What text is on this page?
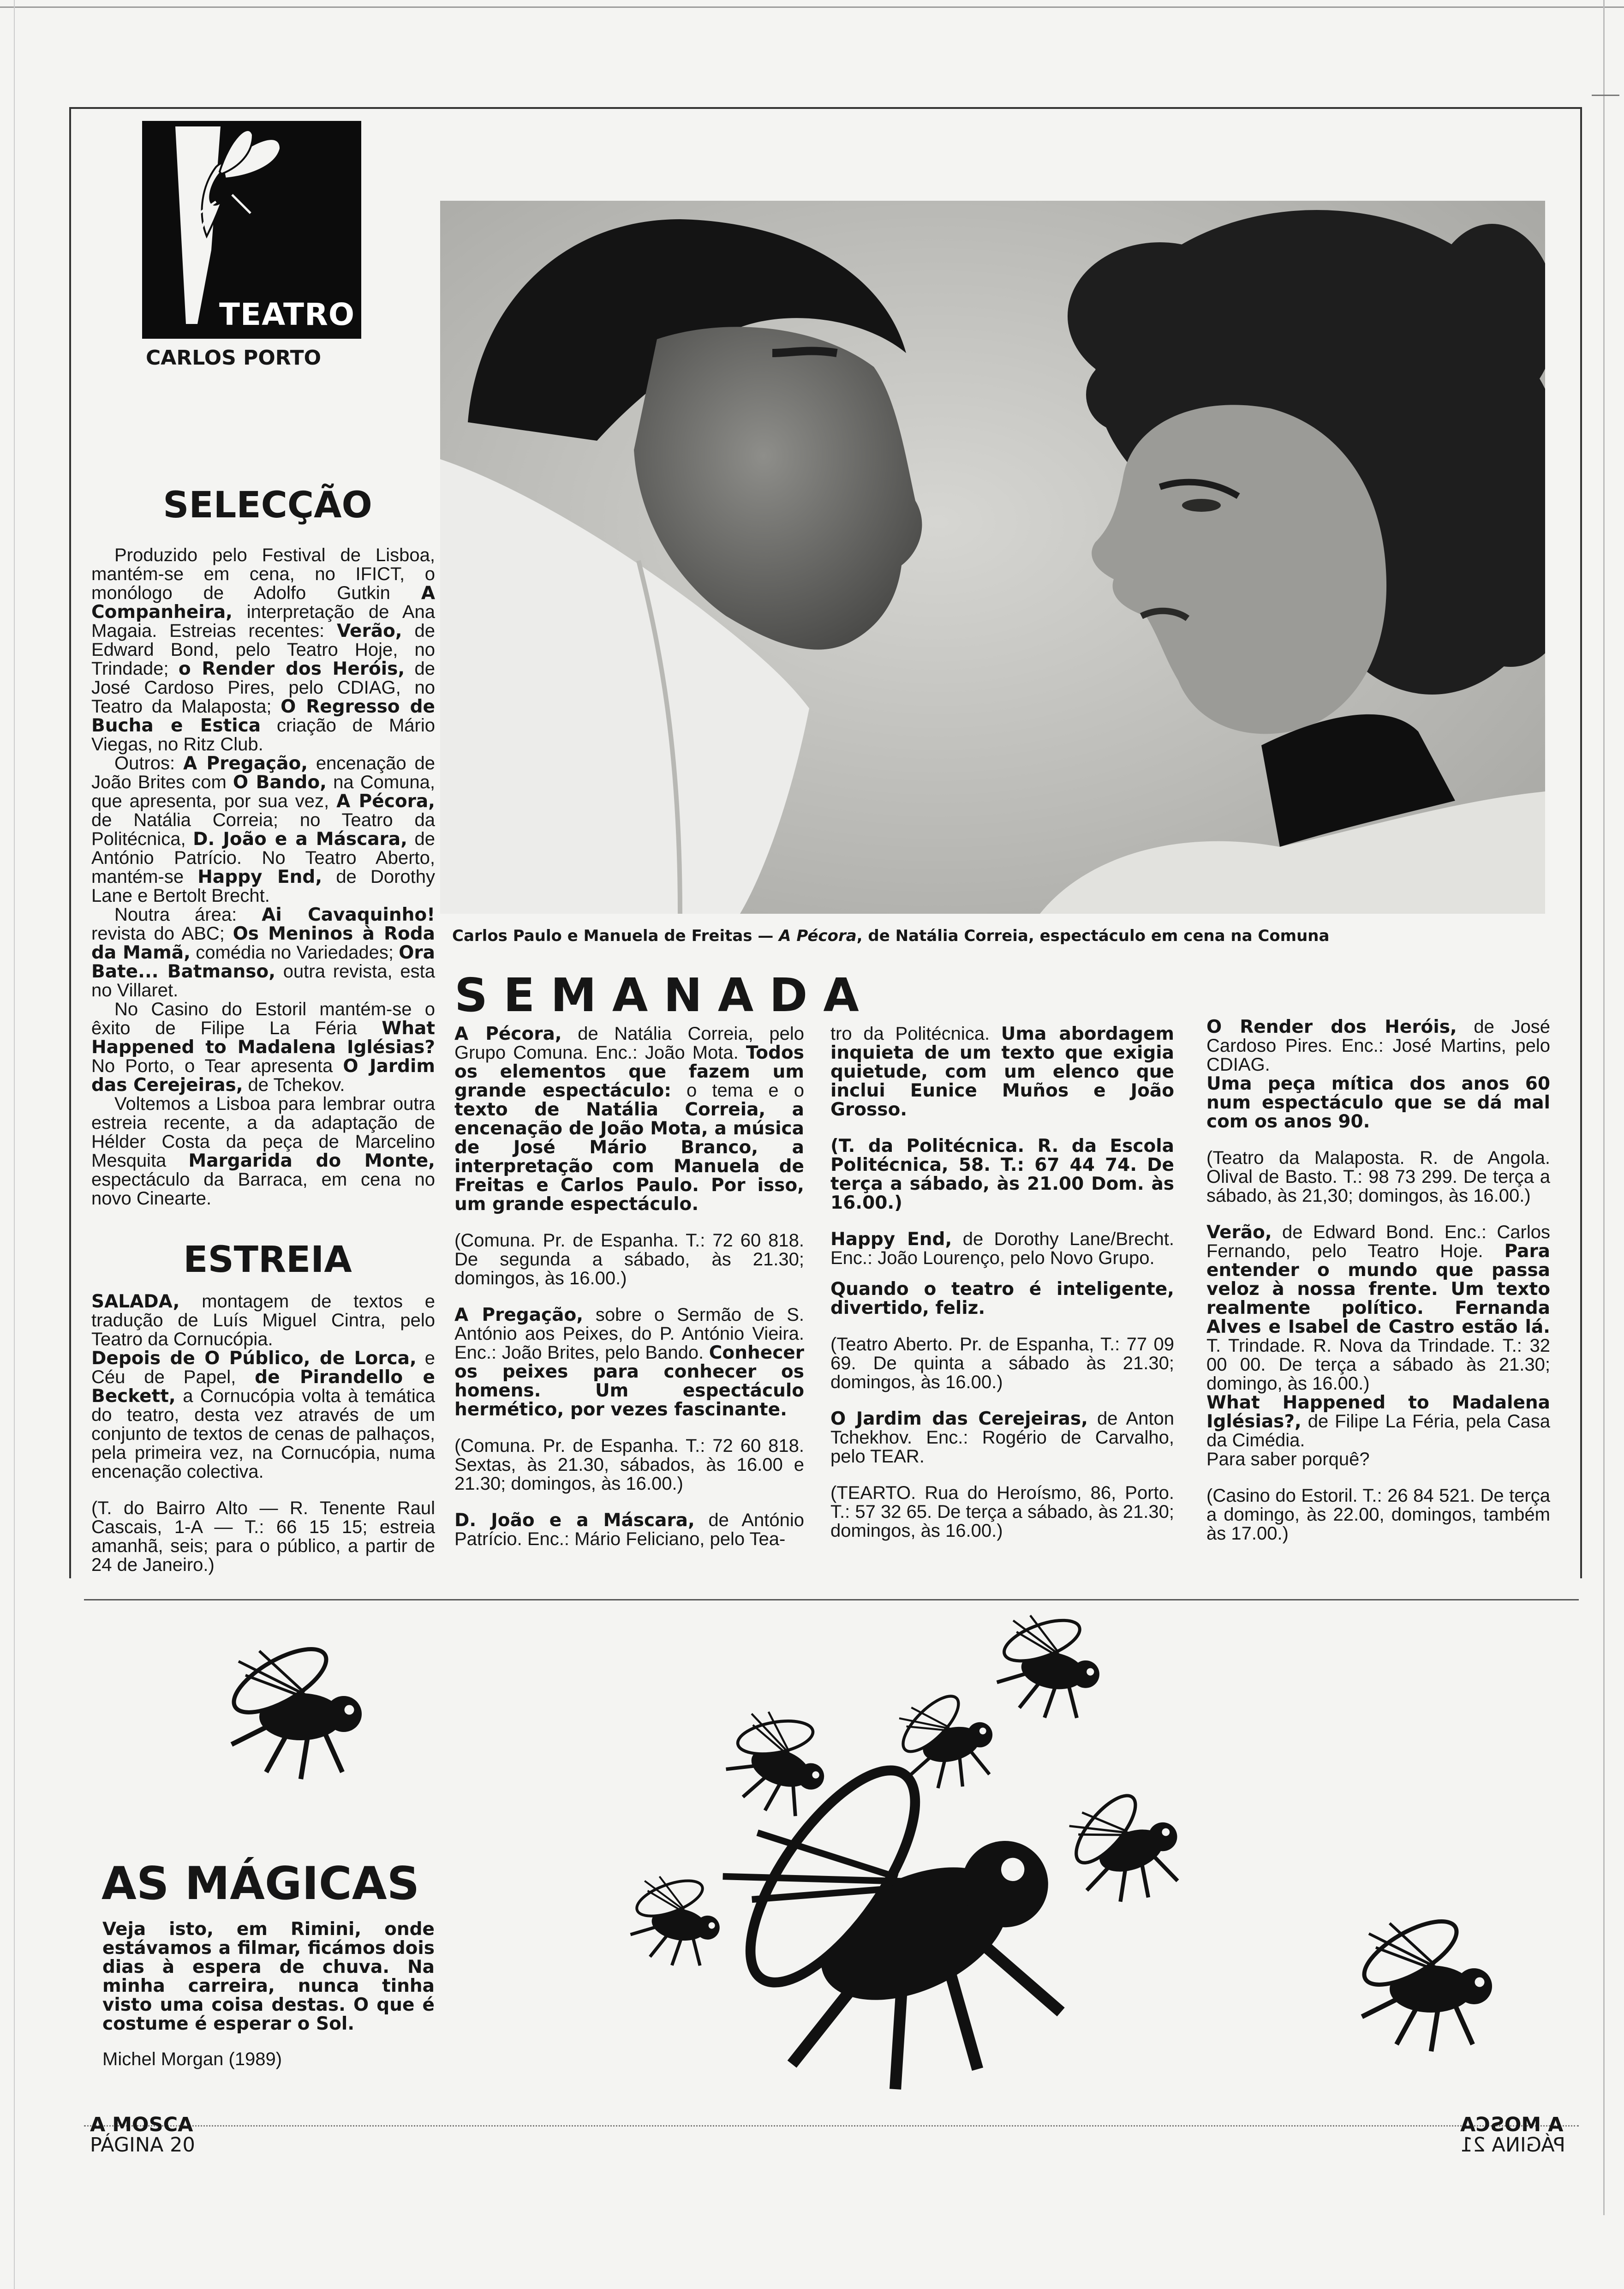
TEATRO
CARLOS PORTO
SELECÇÃO

Produzido pelo Festival de Lisboa, mantém-se em cena, no IFICT, o monólogo de Adolfo Gutkin A Companheira, interpretação de Ana Magaia. Estreias recentes: Verão, de Edward Bond, pelo Teatro Hoje, no Trindade; o Render dos Heróis, de José Cardoso Pires, pelo CDIAG, no Teatro da Malaposta; O Regresso de Bucha e Estica criação de Mário Viegas, no Ritz Club.

Outros: A Pregação, encenação de João Brites com O Bando, na Comuna, que apresenta, por sua vez, A Pécora, de Natália Correia; no Teatro da Politécnica, D. João e a Máscara, de António Patrício. No Teatro Aberto, mantém-se Happy End, de Dorothy Lane e Bertolt Brecht.

Noutra área: Ai Cavaquinho! revista do ABC; Os Meninos à Roda da Mamã, comédia no Variedades; Ora Bate... Batmanso, outra revista, esta no Villaret.

No Casino do Estoril mantém-se o êxito de Filipe La Féria What Happened to Madalena Iglésias? No Porto, o Tear apresenta O Jardim das Cerejeiras, de Tchekov.

Voltemos a Lisboa para lembrar outra estreia recente, a da adaptação de Hélder Costa da peça de Marcelino Mesquita Margarida do Monte, espectáculo da Barraca, em cena no novo Cinearte.

ESTREIA

SALADA, montagem de textos e tradução de Luís Miguel Cintra, pelo Teatro da Cornucópia.

Depois de O Público, de Lorca, e Céu de Papel, de Pirandello e Beckett, a Cornucópia volta à temática do teatro, desta vez através de um conjunto de textos de cenas de palhaços, pela primeira vez, na Cornucópia, numa encenação colectiva.

(T. do Bairro Alto — R. Tenente Raul Cascais, 1-A — T.: 66 15 15; estreia amanhã, seis; para o público, a partir de 24 de Janeiro.)

Carlos Paulo e Manuela de Freitas — A Pécora, de Natália Correia, espectáculo em cena na Comuna
SEMANADA

A Pécora, de Natália Correia, pelo Grupo Comuna. Enc.: João Mota. Todos os elementos que fazem um grande espectáculo: o tema e o texto de Natália Correia, a encenação de João Mota, a música de José Mário Branco, a interpretação com Manuela de Freitas e Carlos Paulo. Por isso, um grande espectáculo.

(Comuna. Pr. de Espanha. T.: 72 60 818. De segunda a sábado, às 21.30; domingos, às 16.00.)

A Pregação, sobre o Sermão de S. António aos Peixes, do P. António Vieira. Enc.: João Brites, pelo Bando. Conhecer os peixes para conhecer os homens. Um espectáculo hermético, por vezes fascinante.

(Comuna. Pr. de Espanha. T.: 72 60 818. Sextas, às 21.30, sábados, às 16.00 e 21.30; domingos, às 16.00.)

D. João e a Máscara, de António Patrício. Enc.: Mário Feliciano, pelo Tea-

tro da Politécnica. Uma abordagem inquieta de um texto que exigia quietude, com um elenco que inclui Eunice Muños e João Grosso.

(T. da Politécnica. R. da Escola Politécnica, 58. T.: 67 44 74. De terça a sábado, às 21.00 Dom. às 16.00.)

Happy End, de Dorothy Lane/Brecht. Enc.: João Lourenço, pelo Novo Grupo.

Quando o teatro é inteligente, divertido, feliz.

(Teatro Aberto. Pr. de Espanha, T.: 77 09 69. De quinta a sábado às 21.30; domingos, às 16.00.)

O Jardim das Cerejeiras, de Anton Tchekhov. Enc.: Rogério de Carvalho, pelo TEAR.

(TEARTO. Rua do Heroísmo, 86, Porto. T.: 57 32 65. De terça a sábado, às 21.30; domingos, às 16.00.)

O Render dos Heróis, de José Cardoso Pires. Enc.: José Martins, pelo CDIAG.

Uma peça mítica dos anos 60 num espectáculo que se dá mal com os anos 90.

(Teatro da Malaposta. R. de Angola. Olival de Basto. T.: 98 73 299. De terça a sábado, às 21,30; domingos, às 16.00.)

Verão, de Edward Bond. Enc.: Carlos Fernando, pelo Teatro Hoje. Para entender o mundo que passa veloz à nossa frente. Um texto realmente político. Fernanda Alves e Isabel de Castro estão lá. T. Trindade. R. Nova da Trindade. T.: 32 00 00. De terça a sábado às 21.30; domingo, às 16.00.)

What Happened to Madalena Iglésias?, de Filipe La Féria, pela Casa da Cimédia.

Para saber porquê?

(Casino do Estoril. T.: 26 84 521. De terça a domingo, às 22.00, domingos, também às 17.00.)

AS MÁGICAS
Veja isto, em Rimini, onde estávamos a filmar, ficámos dois dias à espera de chuva. Na minha carreira, nunca tinha visto uma coisa destas. O que é costume é esperar o Sol.
Michel Morgan (1989)
A MOSCA
PÁGINA 20
A MOSCA
PÁGINA 21
